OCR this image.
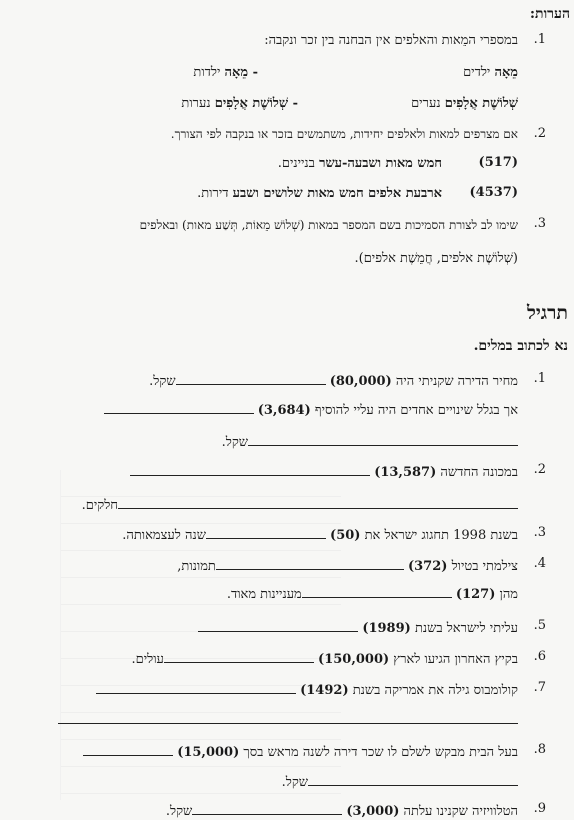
הערות:
1.
במספרי המֵאות והאלפים אין הבחנה בין זכר ונקבה:
מֵאָה ילדים
- מֵאָה ילדות
שְׁלוֹשֶׁת אֲלָפִים נערים
- שְׁלוֹשֶׁת אֲלָפִים נערות
2.
אם מצרפים למאות ולאלפים יחידות, משתמשים בזכר או בנקבה לפי הצורך.
(517)
חמש מאות ושבעה-עשר בניינים.
(4537)
ארבעת אלפים חמש מאות שלושים ושבע דירות.
3.
שימו לב לצורת הסמיכות בשם המספר במאות (שְׁלוֹשׁ מֵאוֹת, תְּשַׁע מאות) ובאלפים
(שְׁלוֹשֶׁת אלפים, חֲמֵשֶׁת אלפים).
תרגיל
נא לכתוב במלים.
1.
מחיר הדירה שקניתי היה (80,000) שקל.
אך בגלל שינויים אחדים היה עליי להוסיף (3,684)
שקל.
2.
במכונה החדשה (13,587)
חלקים.
3.
בשנת 1998 תחגוג ישראל את (50) שנה לעצמאותה.
4.
צילמתי בטיול (372) תמונות,
מהן (127) מעניינות מאוד.
5.
עליתי לישראל בשנת (1989)
6.
בקיץ האחרון הגיעו לארץ (150,000) עולים.
7.
קולומבוס גילה את אמריקה בשנת (1492)
8.
בעל הבית מבקש לשלם לו שכר דירה לשנה מראש בסך (15,000)
שקל.
9.
הטלוויזיה שקנינו עלתה (3,000) שקל.
